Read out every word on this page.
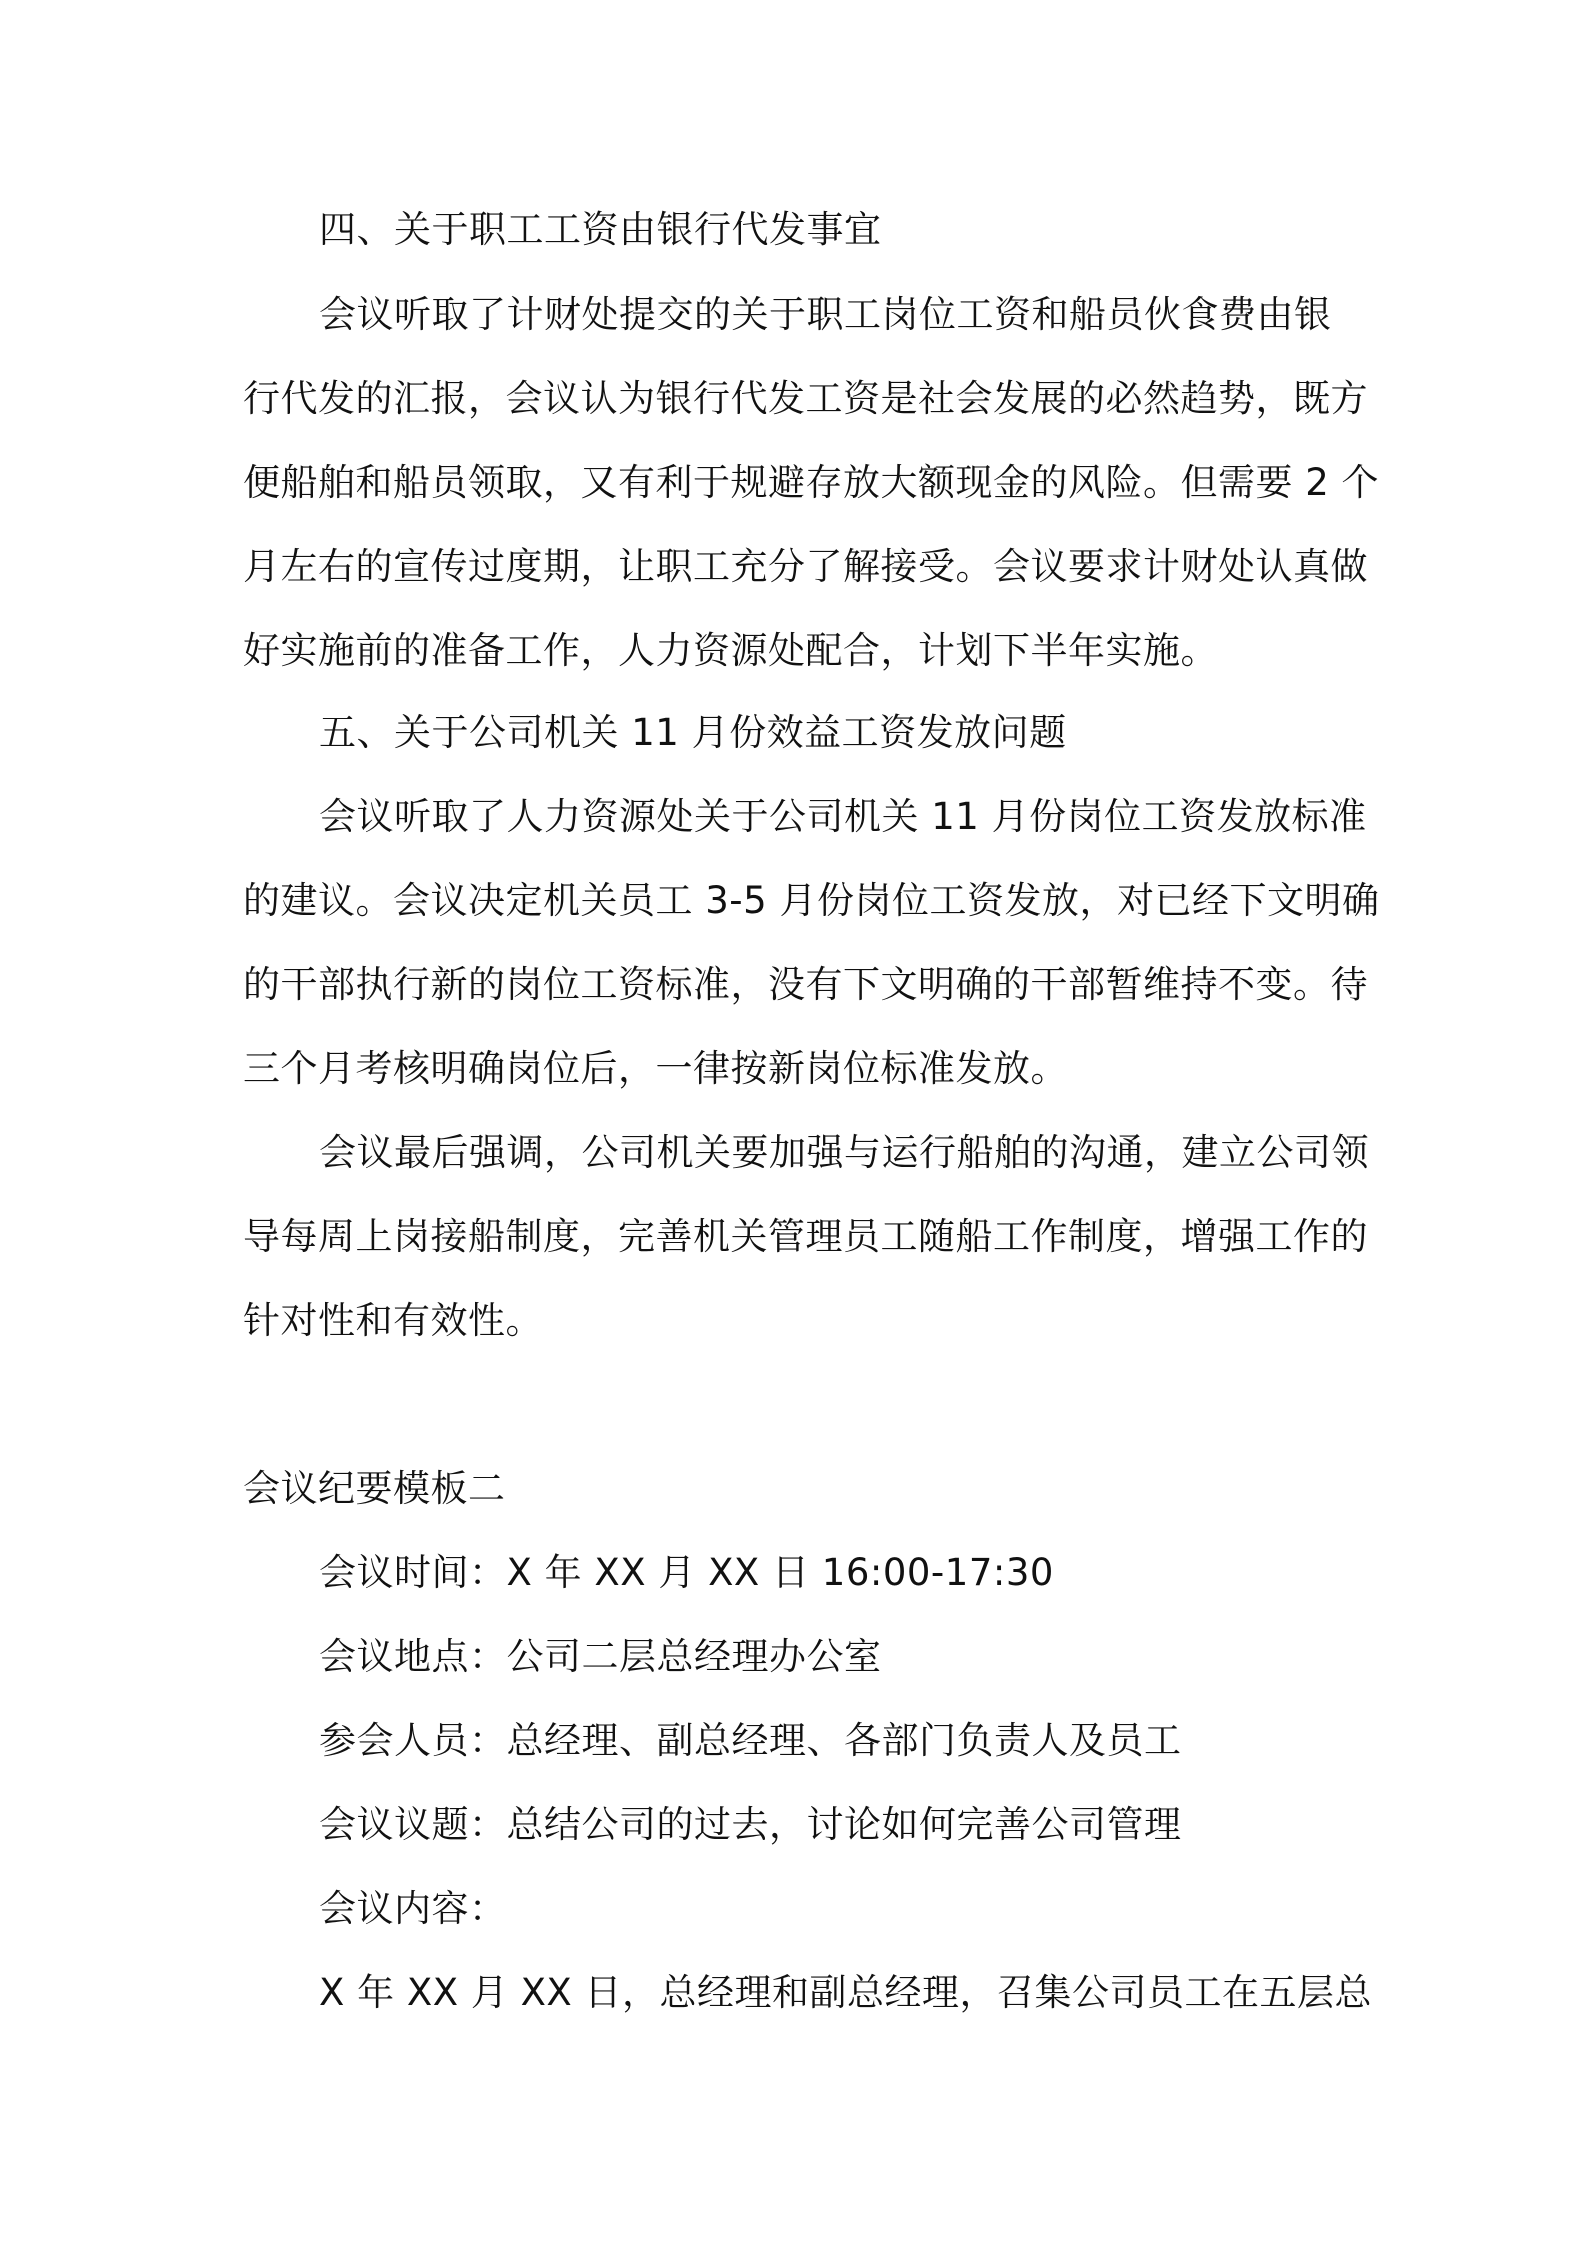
四、关于职工工资由银行代发事宜
会议听取了计财处提交的关于职工岗位工资和船员伙食费由银
行代发的汇报，会议认为银行代发工资是社会发展的必然趋势，既方
便船舶和船员领取，又有利于规避存放大额现金的风险。但需要 2 个
月左右的宣传过度期，让职工充分了解接受。会议要求计财处认真做
好实施前的准备工作，人力资源处配合，计划下半年实施。
五、关于公司机关 11 月份效益工资发放问题
会议听取了人力资源处关于公司机关 11 月份岗位工资发放标准
的建议。会议决定机关员工 3-5 月份岗位工资发放，对已经下文明确
的干部执行新的岗位工资标准，没有下文明确的干部暂维持不变。待
三个月考核明确岗位后，一律按新岗位标准发放。
会议最后强调，公司机关要加强与运行船舶的沟通，建立公司领
导每周上岗接船制度，完善机关管理员工随船工作制度，增强工作的
针对性和有效性。
会议纪要模板二
会议时间：X 年 XX 月 XX 日 16:00-17:30
会议地点：公司二层总经理办公室
参会人员：总经理、副总经理、各部门负责人及员工
会议议题：总结公司的过去，讨论如何完善公司管理
会议内容：
X 年 XX 月 XX 日，总经理和副总经理，召集公司员工在五层总
